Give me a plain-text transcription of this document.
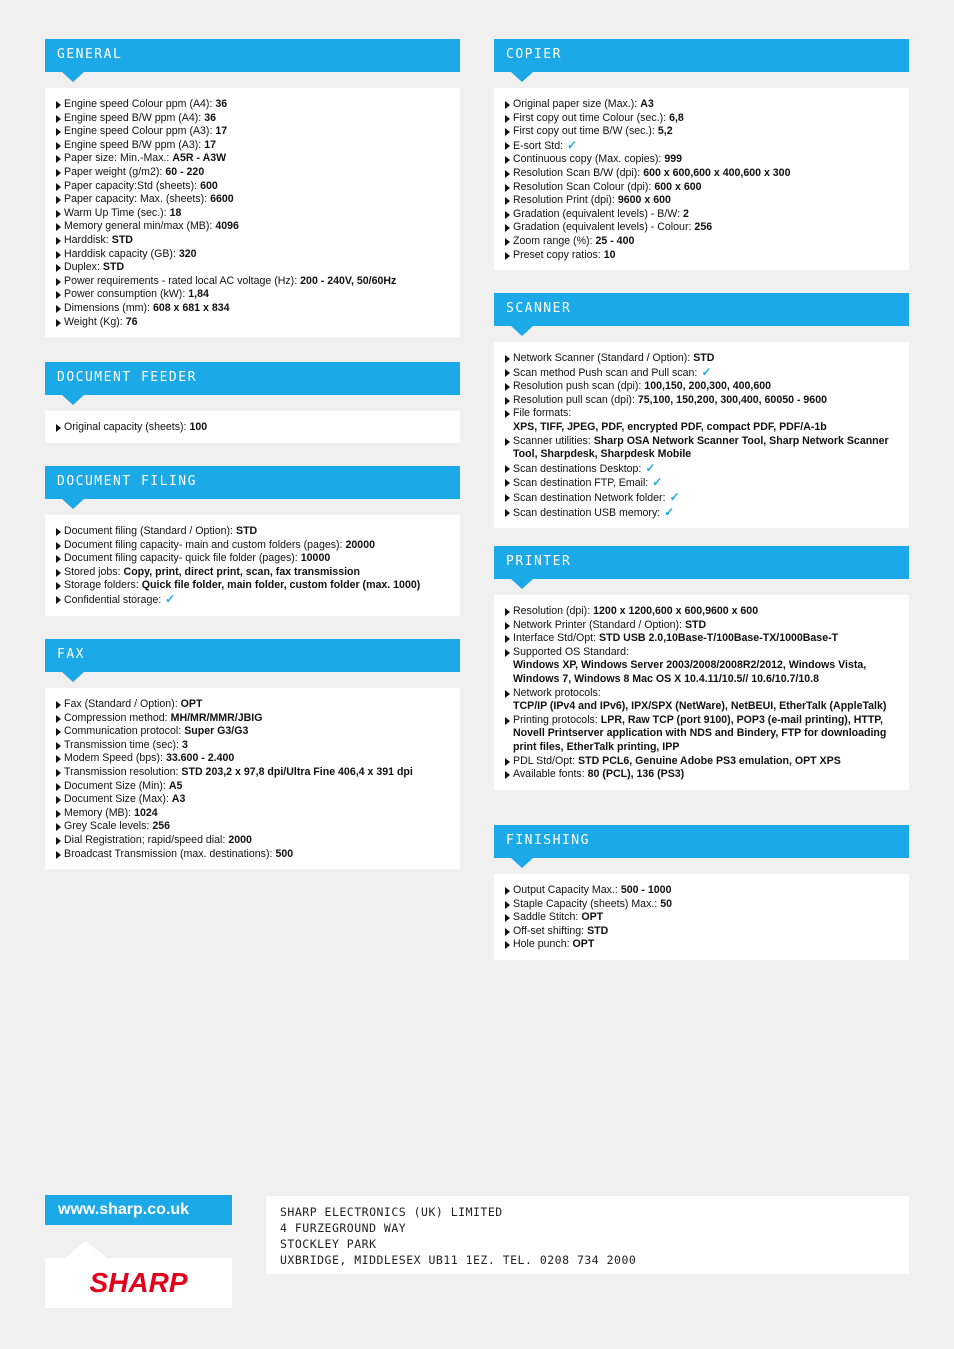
GENERAL
Engine speed Colour ppm (A4): 36
Engine speed B/W ppm (A4): 36
Engine speed Colour ppm (A3): 17
Engine speed B/W ppm (A3): 17
Paper size: Min.-Max.: A5R - A3W
Paper weight (g/m2): 60 - 220
Paper capacity:Std (sheets): 600
Paper capacity: Max. (sheets): 6600
Warm Up Time (sec.): 18
Memory general min/max (MB): 4096
Harddisk: STD
Harddisk capacity (GB): 320
Duplex: STD
Power requirements - rated local AC voltage (Hz): 200 - 240V, 50/60Hz
Power consumption (kW): 1,84
Dimensions (mm): 608 x 681 x 834
Weight (Kg): 76
DOCUMENT FEEDER
Original capacity (sheets): 100
DOCUMENT FILING
Document filing (Standard / Option): STD
Document filing capacity- main and custom folders (pages): 20000
Document filing capacity- quick file folder (pages): 10000
Stored jobs: Copy, print, direct print, scan, fax transmission
Storage folders: Quick file folder, main folder, custom folder (max. 1000)
Confidential storage: ✓
FAX
Fax (Standard / Option): OPT
Compression method: MH/MR/MMR/JBIG
Communication protocol: Super G3/G3
Transmission time (sec): 3
Modem Speed (bps): 33.600 - 2.400
Transmission resolution: STD 203,2 x 97,8 dpi/Ultra Fine 406,4 x 391 dpi
Document Size (Min): A5
Document Size (Max): A3
Memory (MB): 1024
Grey Scale levels: 256
Dial Registration; rapid/speed dial: 2000
Broadcast Transmission (max. destinations): 500
COPIER
Original paper size (Max.): A3
First copy out time Colour (sec.): 6,8
First copy out time B/W (sec.): 5,2
E-sort Std: ✓
Continuous copy (Max. copies): 999
Resolution Scan B/W (dpi): 600 x 600,600 x 400,600 x 300
Resolution Scan Colour (dpi): 600 x 600
Resolution Print (dpi): 9600 x 600
Gradation (equivalent levels) - B/W: 2
Gradation (equivalent levels) - Colour: 256
Zoom range (%): 25 - 400
Preset copy ratios: 10
SCANNER
Network Scanner (Standard / Option): STD
Scan method Push scan and Pull scan: ✓
Resolution push scan (dpi): 100,150, 200,300, 400,600
Resolution pull scan (dpi): 75,100, 150,200, 300,400, 60050 - 9600
File formats:
XPS, TIFF, JPEG, PDF, encrypted PDF, compact PDF, PDF/A-1b
Scanner utilities: Sharp OSA Network Scanner Tool, Sharp Network Scanner Tool, Sharpdesk, Sharpdesk Mobile
Scan destinations Desktop: ✓
Scan destination FTP, Email: ✓
Scan destination Network folder: ✓
Scan destination USB memory: ✓
PRINTER
Resolution (dpi): 1200 x 1200,600 x 600,9600 x 600
Network Printer (Standard / Option): STD
Interface Std/Opt: STD USB 2.0,10Base-T/100Base-TX/1000Base-T
Supported OS Standard:
Windows XP, Windows Server 2003/2008/2008R2/2012, Windows Vista, Windows 7, Windows 8 Mac OS X 10.4.11/10.5// 10.6/10.7/10.8
Network protocols:
TCP/IP (IPv4 and IPv6), IPX/SPX (NetWare), NetBEUI, EtherTalk (AppleTalk)
Printing protocols: LPR, Raw TCP (port 9100), POP3 (e-mail printing), HTTP, Novell Printserver application with NDS and Bindery, FTP for downloading print files, EtherTalk printing, IPP
PDL Std/Opt: STD PCL6, Genuine Adobe PS3 emulation, OPT XPS
Available fonts: 80 (PCL), 136 (PS3)
FINISHING
Output Capacity Max.: 500 - 1000
Staple Capacity (sheets) Max.: 50
Saddle Stitch: OPT
Off-set shifting: STD
Hole punch: OPT
www.sharp.co.uk
SHARP
SHARP ELECTRONICS (UK) LIMITED
4 FURZEGROUND WAY
STOCKLEY PARK
UXBRIDGE, MIDDLESEX UB11 1EZ. TEL. 0208 734 2000
